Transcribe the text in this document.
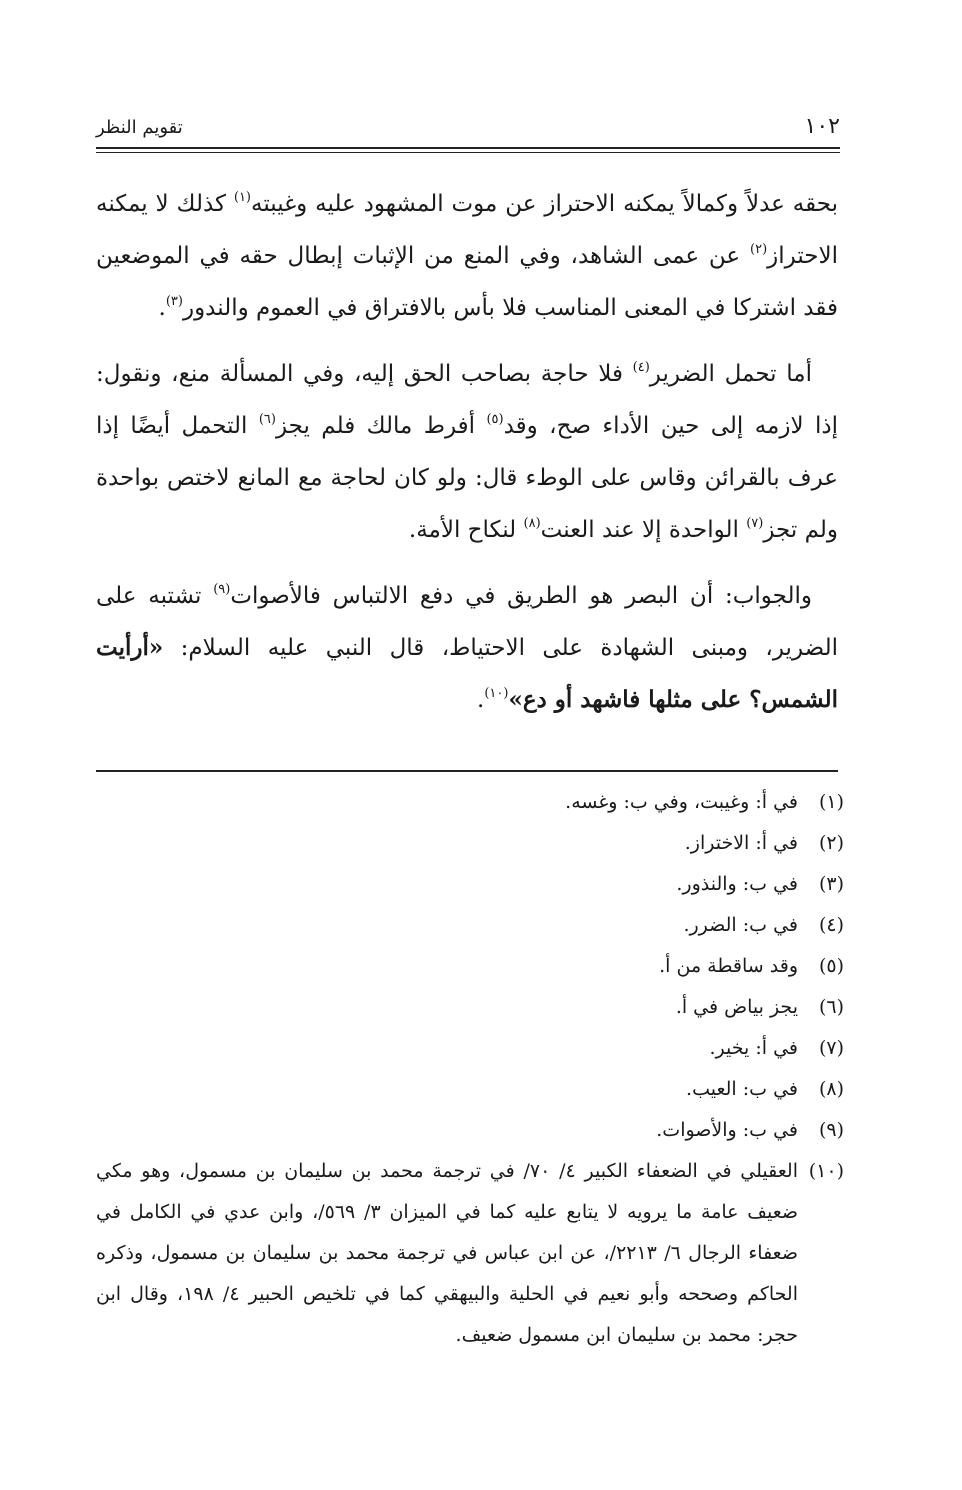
١٠٢
تقويم النظر

بحقه عدلاً وكمالاً يمكنه الاحتراز عن موت المشهود عليه وغيبته$^{(١)}$ كذلك لا يمكنه الاحتراز$^{(٢)}$ عن عمى الشاهد، وفي المنع من الإثبات إبطال حقه في الموضعين فقد اشتركا في المعنى المناسب فلا بأس بالافتراق في العموم والندور$^{(٣)}$.

أما تحمل الضرير$^{(٤)}$ فلا حاجة بصاحب الحق إليه، وفي المسألة منع، ونقول: إذا لازمه إلى حين الأداء صح، وقد$^{(٥)}$ أفرط مالك فلم يجز$^{(٦)}$ التحمل أيضًا إذا عرف بالقرائن وقاس على الوطء قال: ولو كان لحاجة مع المانع لاختص بواحدة ولم تجز$^{(٧)}$ الواحدة إلا عند العنت$^{(٨)}$ لنكاح الأمة.

والجواب: أن البصر هو الطريق في دفع الالتباس فالأصوات$^{(٩)}$ تشتبه على الضرير، ومبنى الشهادة على الاحتياط، قال النبي عليه السلام: «أرأيت الشمس؟ على مثلها فاشهد أو دع»$^{(١٠)}$.

(١)
في أ: وغيبت، وفي ب: وغسه.
(٢)
في أ: الاختراز.
(٣)
في ب: والنذور.
(٤)
في ب: الضرر.
(٥)
وقد ساقطة من أ.
(٦)
يجز بياض في أ.
(٧)
في أ: يخير.
(٨)
في ب: العيب.
(٩)
في ب: والأصوات.
(١٠)
العقيلي في الضعفاء الكبير ٤/ ٧٠/ في ترجمة محمد بن سليمان بن مسمول، وهو مكي ضعيف عامة ما يرويه لا يتابع عليه كما في الميزان ٣/ ٥٦٩/، وابن عدي في الكامل في ضعفاء الرجال ٦/ ٢٢١٣/، عن ابن عباس في ترجمة محمد بن سليمان بن مسمول، وذكره الحاكم وصححه وأبو نعيم في الحلية والبيهقي كما في تلخيص الحبير ٤/ ١٩٨، وقال ابن حجر: محمد بن سليمان ابن مسمول ضعيف.
